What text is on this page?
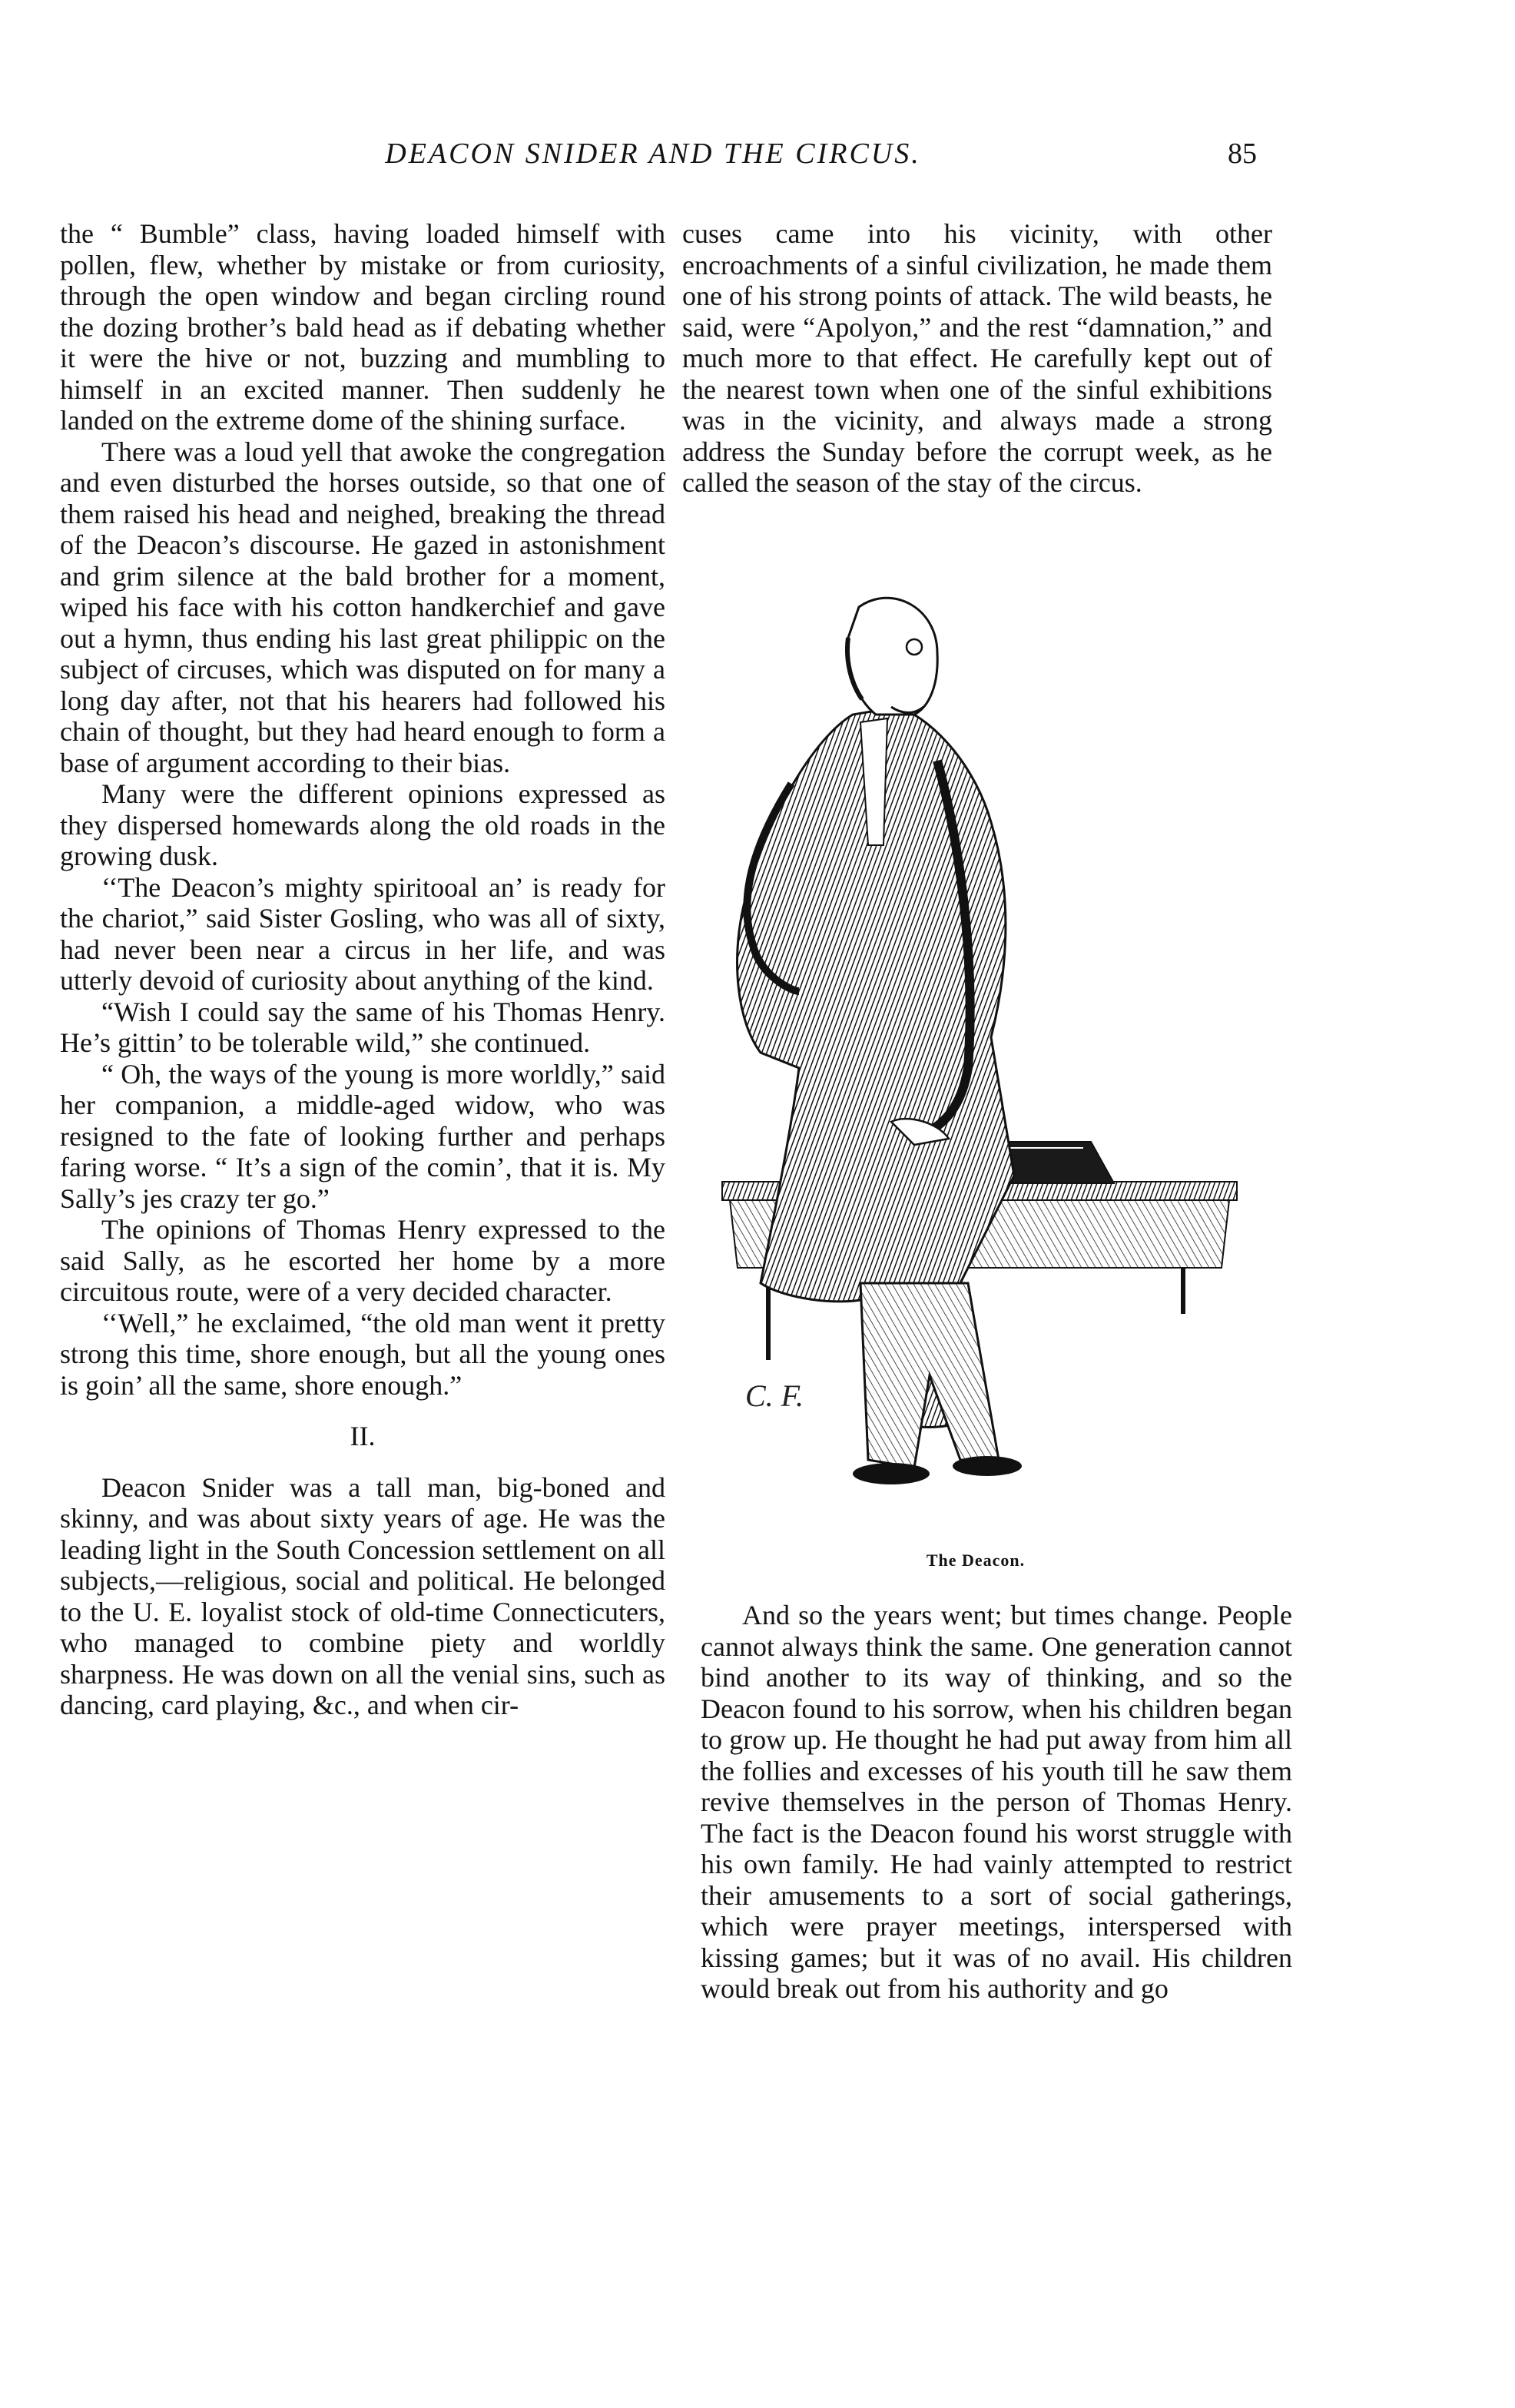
DEACON SNIDER AND THE CIRCUS.	85

the “ Bumble” class, having loaded himself with pollen, flew, whether by mistake or from curiosity, through the open window and began circling round the dozing brother’s bald head as if debating whether it were the hive or not, buzzing and mumbling to himself in an excited manner. Then suddenly he landed on the extreme dome of the shining surface.

There was a loud yell that awoke the congregation and even disturbed the horses outside, so that one of them raised his head and neighed, breaking the thread of the Deacon’s discourse. He gazed in astonishment and grim silence at the bald brother for a moment, wiped his face with his cotton handkerchief and gave out a hymn, thus ending his last great philippic on the subject of circuses, which was disputed on for many a long day after, not that his hearers had followed his chain of thought, but they had heard enough to form a base of argument according to their bias.

Many were the different opinions expressed as they dispersed homewards along the old roads in the growing dusk.

‘‘The Deacon’s mighty spiritooal an’ is ready for the chariot,” said Sister Gosling, who was all of sixty, had never been near a circus in her life, and was utterly devoid of curiosity about anything of the kind.

“Wish I could say the same of his Thomas Henry. He’s gittin’ to be tolerable wild,” she continued.

“ Oh, the ways of the young is more worldly,” said her companion, a middle-aged widow, who was resigned to the fate of looking further and perhaps faring worse. “ It’s a sign of the comin’, that it is. My Sally’s jes crazy ter go.”

The opinions of Thomas Henry expressed to the said Sally, as he escorted her home by a more circuitous route, were of a very decided character.

‘‘Well,” he exclaimed, “the old man went it pretty strong this time, shore enough, but all the young ones is goin’ all the same, shore enough.”

II.

Deacon Snider was a tall man, big-boned and skinny, and was about sixty years of age. He was the leading light in the South Concession settlement on all subjects,—religious, social and political. He belonged to the U. E. loyalist stock of old-time Connecticuters, who managed to combine piety and worldly sharpness. He was down on all the venial sins, such as dancing, card playing, &c., and when cir-

cuses came into his vicinity, with other encroachments of a sinful civilization, he made them one of his strong points of attack. The wild beasts, he said, were “Apolyon,” and the rest “damnation,” and much more to that effect. He carefully kept out of the nearest town when one of the sinful exhibitions was in the vicinity, and always made a strong address the Sunday before the corrupt week, as he called the season of the stay of the circus.

C. F.
The Deacon.

And so the years went; but times change. People cannot always think the same. One generation cannot bind another to its way of thinking, and so the Deacon found to his sorrow, when his children began to grow up. He thought he had put away from him all the follies and excesses of his youth till he saw them revive themselves in the person of Thomas Henry. The fact is the Deacon found his worst struggle with his own family. He had vainly attempted to restrict their amusements to a sort of social gatherings, which were prayer meetings, interspersed with kissing games; but it was of no avail. His children would break out from his authority and go
